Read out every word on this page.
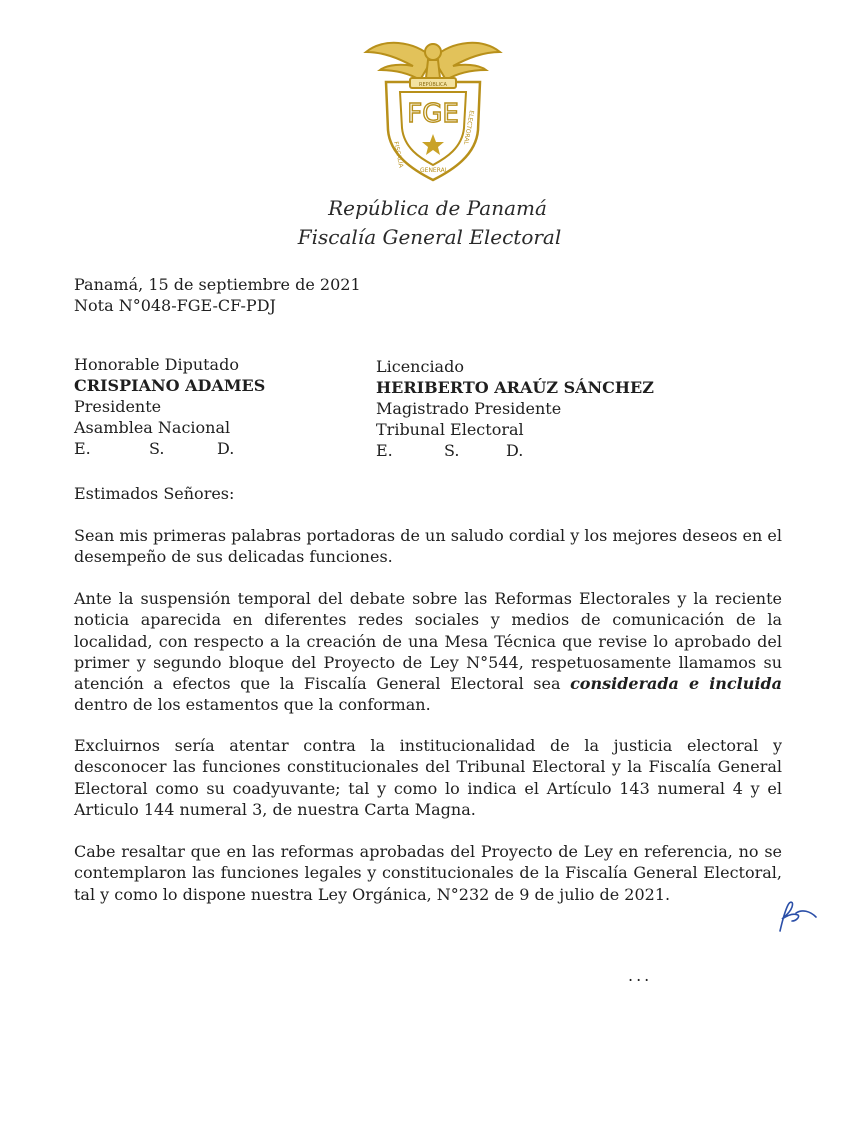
FGE
FISCALÍA
GENERAL
ELECTORAL
REPÚBLICA
República de Panamá
Fiscalía General Electoral
Panamá, 15 de septiembre de 2021
Nota N°048-FGE-CF-PDJ
Honorable Diputado
CRISPIANO ADAMES
Presidente
Asamblea Nacional
E.	S.	D.
Licenciado
HERIBERTO ARAÚZ SÁNCHEZ
Magistrado Presidente
Tribunal Electoral
E.	S.	D.
Estimados Señores:
Sean mis primeras palabras portadoras de un saludo cordial y los mejores deseos en el desempeño de sus delicadas funciones.
Ante la suspensión temporal del debate sobre las Reformas Electorales y la reciente noticia aparecida en diferentes redes sociales y medios de comunicación de la localidad, con respecto a la creación de una Mesa Técnica que revise lo aprobado del primer y segundo bloque del Proyecto de Ley N°544, respetuosamente llamamos su atención a efectos que la Fiscalía General Electoral sea considerada e incluida dentro de los estamentos que la conforman.
Excluirnos sería atentar contra la institucionalidad de la justicia electoral y desconocer las funciones constitucionales del Tribunal Electoral y la Fiscalía General Electoral como su coadyuvante; tal y como lo indica el Artículo 143 numeral 4 y el Articulo 144 numeral 3, de nuestra Carta Magna.
Cabe resaltar que en las reformas aprobadas del Proyecto de Ley en referencia, no se contemplaron las funciones legales y constitucionales de la Fiscalía General Electoral, tal y como lo dispone nuestra Ley Orgánica, N°232 de 9 de julio de 2021.
...
